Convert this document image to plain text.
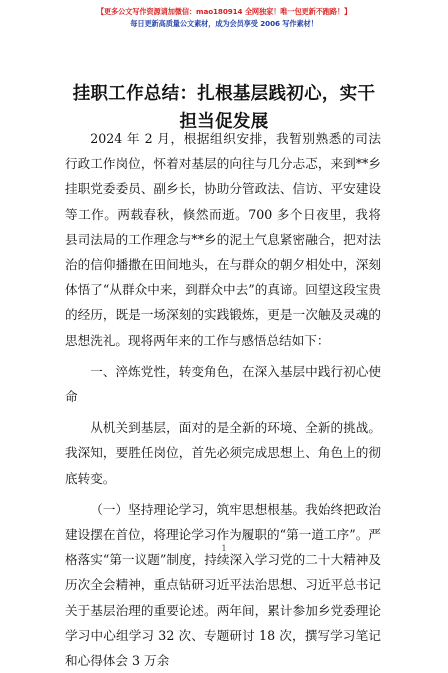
【更多公文写作资源请加微信：mao180914 全网独家！唯一包更新不跑路！】
每日更新高质量公文素材，成为会员享受 2006 写作素材！
挂职工作总结：扎根基层践初心，实干担当促发展

2024 年 2 月，根据组织安排，我暂别熟悉的司法行政工作岗位，怀着对基层的向往与几分忐忑，来到**乡挂职党委委员、副乡长，协助分管政法、信访、平安建设等工作。两载春秋，倏然而逝。700 多个日夜里，我将县司法局的工作理念与**乡的泥土气息紧密融合，把对法治的信仰播撒在田间地头，在与群众的朝夕相处中，深刻体悟了“从群众中来，到群众中去”的真谛。回望这段宝贵的经历，既是一场深刻的实践锻炼，更是一次触及灵魂的思想洗礼。现将两年来的工作与感悟总结如下：

一、淬炼党性，转变角色，在深入基层中践行初心使命

从机关到基层，面对的是全新的环境、全新的挑战。我深知，要胜任岗位，首先必须完成思想上、角色上的彻底转变。

（一）坚持理论学习，筑牢思想根基。我始终把政治建设摆在首位，将理论学习作为履职的“第一道工序”。严格落实“第一议题”制度，持续深入学习党的二十大精神及历次全会精神，重点钻研习近平法治思想、习近平总书记关于基层治理的重要论述。两年间，累计参加乡党委理论学习中心组学习 32 次、专题研讨 18 次，撰写学习笔记和心得体会 3 万余

1
